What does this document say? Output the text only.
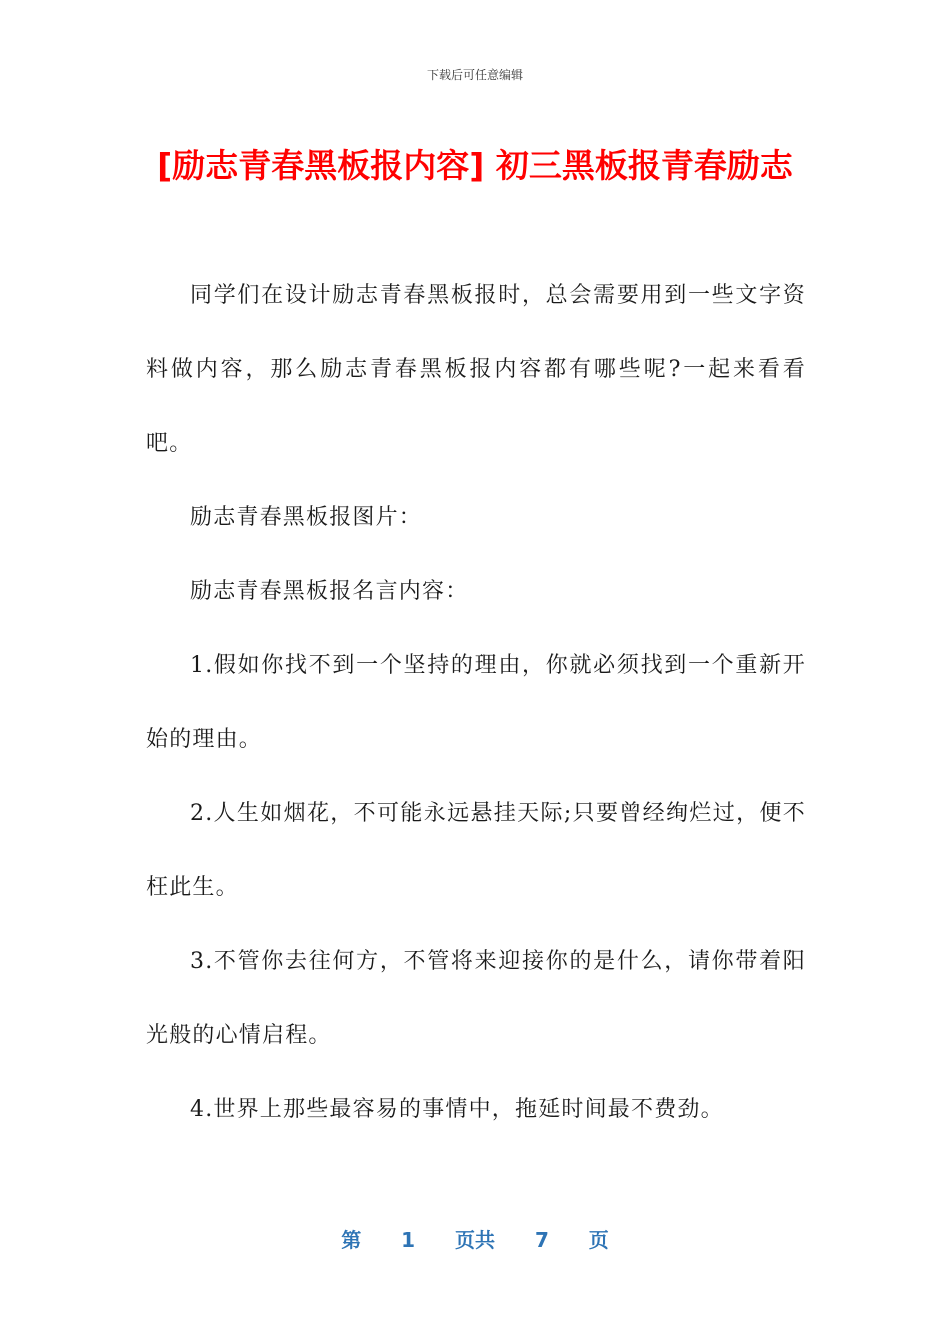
下载后可任意编辑
[励志青春黑板报内容] 初三黑板报青春励志

同学们在设计励志青春黑板报时，总会需要用到一些文字资料做内容，那么励志青春黑板报内容都有哪些呢?一起来看看吧。

励志青春黑板报图片：

励志青春黑板报名言内容：

1.假如你找不到一个坚持的理由，你就必须找到一个重新开始的理由。

2.人生如烟花，不可能永远悬挂天际;只要曾经绚烂过，便不枉此生。

3.不管你去往何方，不管将来迎接你的是什么，请你带着阳光般的心情启程。

4.世界上那些最容易的事情中，拖延时间最不费劲。

第 1 页共 7 页
